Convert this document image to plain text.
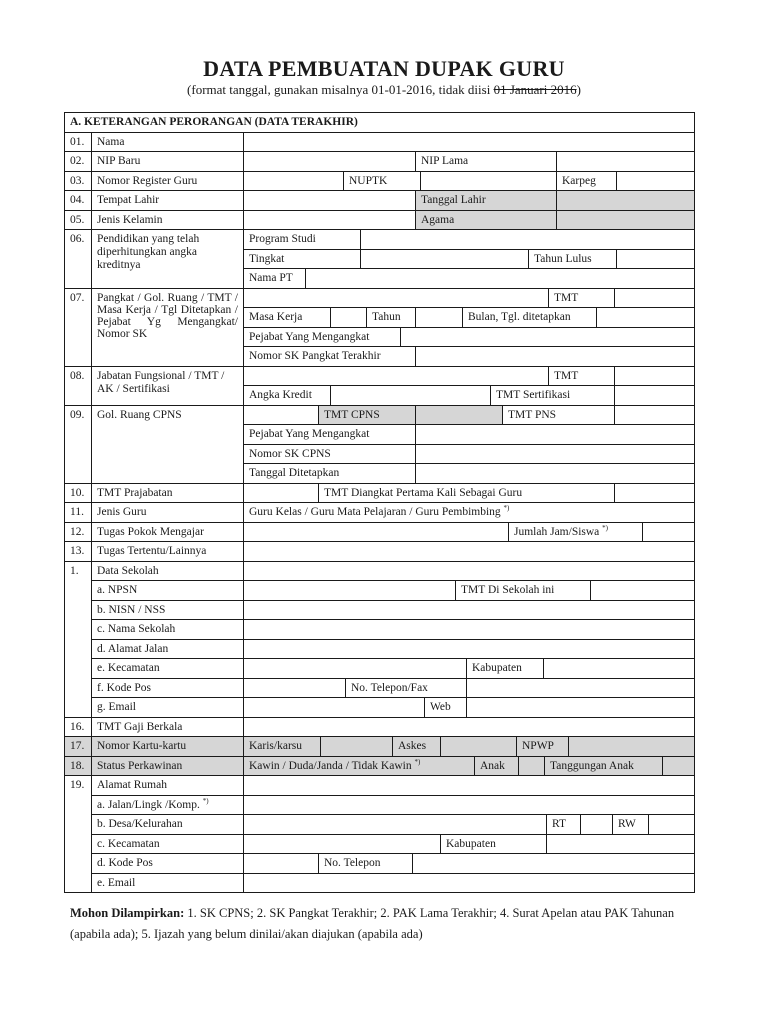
DATA PEMBUATAN DUPAK GURU
(format tanggal, gunakan misalnya 01-01-2016, tidak diisi 01 Januari 2016)
A. KETERANGAN PERORANGAN (DATA TERAKHIR)
01.	Nama
02.	NIP Baru	NIP Lama
03.	Nomor Register Guru	NUPTK	Karpeg
04.	Tempat Lahir	Tanggal Lahir
05.	Jenis Kelamin	Agama
06.	Pendidikan yang telah diperhitungkan angka kreditnya
Program Studi
Tingkat	Tahun Lulus
Nama PT
07.	Pangkat / Gol. Ruang / TMT / Masa Kerja / Tgl Ditetapkan / Pejabat Yg Mengangkat/ Nomor SK
TMT
Masa Kerja	Tahun	Bulan, Tgl. ditetapkan
Pejabat Yang Mengangkat
Nomor SK Pangkat Terakhir
08.	Jabatan Fungsional / TMT / AK / Sertifikasi
TMT
Angka Kredit	TMT Sertifikasi
09.	Gol. Ruang CPNS	TMT CPNS	TMT PNS
Pejabat Yang Mengangkat
Nomor SK CPNS
Tanggal Ditetapkan
10.	TMT Prajabatan	TMT Diangkat Pertama Kali Sebagai Guru
11.	Jenis Guru	Guru Kelas / Guru Mata Pelajaran / Guru Pembimbing *)
12.	Tugas Pokok Mengajar	Jumlah Jam/Siswa *)
13.	Tugas Tertentu/Lainnya
1.	Data Sekolah
a. NPSN	TMT Di Sekolah ini
b. NISN / NSS
c. Nama Sekolah
d. Alamat Jalan
e. Kecamatan	Kabupaten
f. Kode Pos	No. Telepon/Fax
g. Email	Web
16.	TMT Gaji Berkala
17.	Nomor Kartu-kartu	Karis/karsu	Askes	NPWP
18.	Status Perkawinan	Kawin / Duda/Janda / Tidak Kawin *)	Anak	Tanggungan Anak
19.	Alamat Rumah
a. Jalan/Lingk /Komp. *)
b. Desa/Kelurahan	RT	RW
c. Kecamatan	Kabupaten
d. Kode Pos	No. Telepon
e. Email
Mohon Dilampirkan: 1. SK CPNS; 2. SK Pangkat Terakhir; 2. PAK Lama Terakhir; 4. Surat Apelan atau PAK Tahunan (apabila ada); 5. Ijazah yang belum dinilai/akan diajukan (apabila ada)
